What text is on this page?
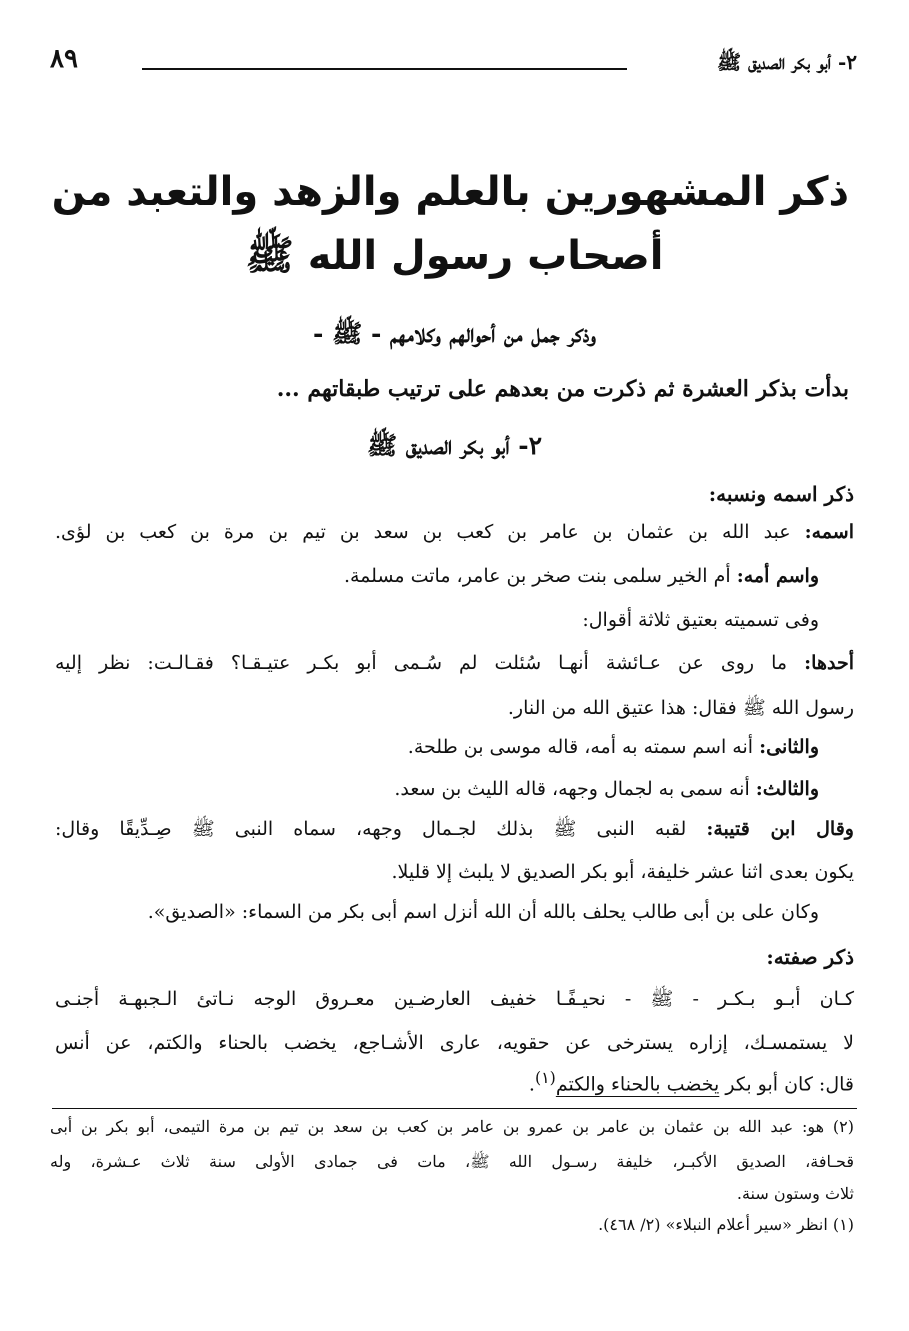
٢- أبو بكر الصديق ﷺ
٨٩
ذكر المشهورين بالعلم والزهد والتعبد من
أصحاب رسول الله ﷺ
وذكر جمل من أحوالهم وكلامهم - ﷺ -
بدأت بذكر العشرة ثم ذكرت من بعدهم على ترتيب طبقاتهم ...
٢- أبو بكر الصديق ﷺ
ذكر اسمه ونسبه:
اسمه: عبد الله بن عثمان بن عامر بن كعب بن سعد بن تيم بن مرة بن كعب بن لؤى.
واسم أمه: أم الخير سلمى بنت صخر بن عامر، ماتت مسلمة.
وفى تسميته بعتيق ثلاثة أقوال:
أحدها: ما روى عن عـائشة أنهـا سُئلت لم سُـمى أبو بكـر عتيـقـا؟ فقـالـت: نظر إليه
رسول الله ﷺ فقال: هذا عتيق الله من النار.
والثانى: أنه اسم سمته به أمه، قاله موسى بن طلحة.
والثالث: أنه سمى به لجمال وجهه، قاله الليث بن سعد.
وقال ابن قتيبة: لقبه النبى ﷺ بذلك لجـمال وجهه، سماه النبى ﷺ صِـدِّيقًا وقال:
يكون بعدى اثنا عشر خليفة، أبو بكر الصديق لا يلبث إلا قليلا.
وكان على بن أبى طالب يحلف بالله أن الله أنزل اسم أبى بكر من السماء: «الصديق».
ذكر صفته:
كـان أبـو بـكـر - ﷺ - نحيـفًـا خفيف العارضـين معـروق الوجه نـاتئ الـجبهـة أجنـى
لا يستمسـك، إزاره يسترخى عن حقويه، عارى الأشـاجع، يخضب بالحناء والكتم، عن أنس
قال: كان أبو بكر يخضب بالحناء والكتم$^{(١)}$.
(٢) هو: عبد الله بن عثمان بن عامر بن عمرو بن عامر بن كعب بن سعد بن تيم بن مرة التيمى، أبو بكر بن أبى
قحـافة، الصديق الأكبـر، خليفة رسـول الله ﷺ، مات فى جمادى الأولى سنة ثلاث عـشرة، وله
ثلاث وستون سنة.
(١) انظر «سير أعلام النبلاء» (٢/ ٤٦٨).
